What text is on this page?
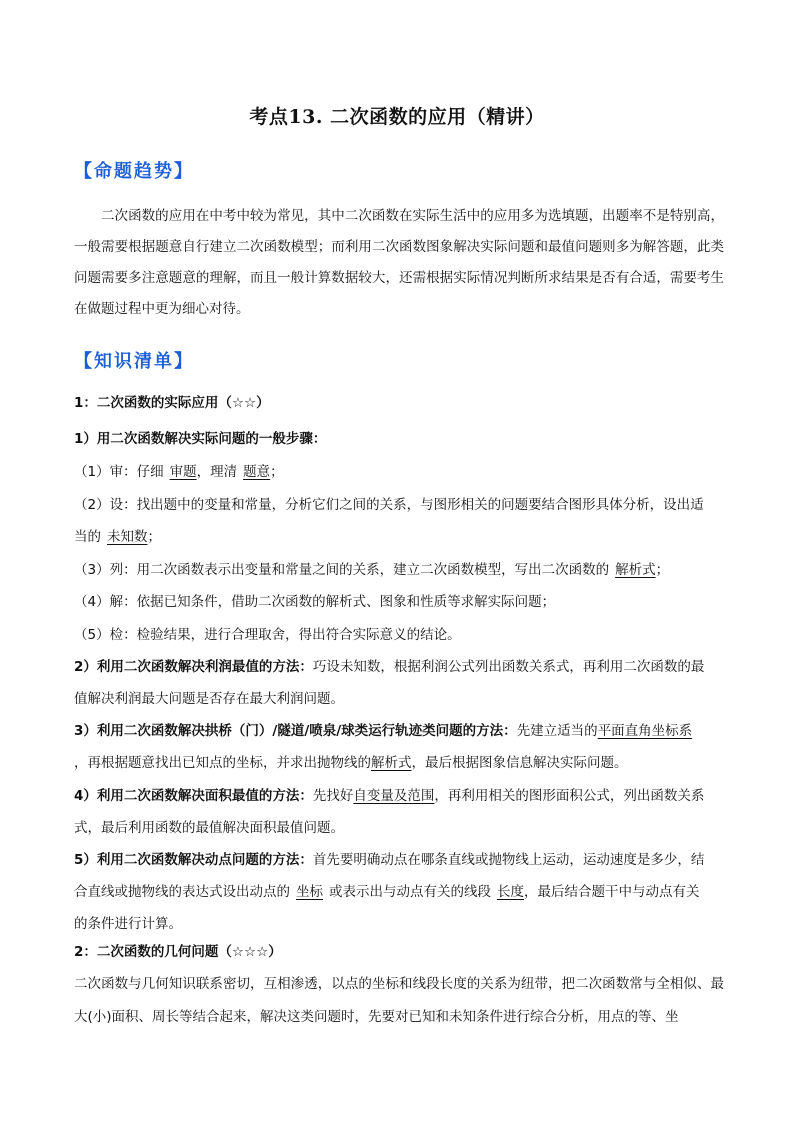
考点13. 二次函数的应用（精讲）
【命题趋势】
二次函数的应用在中考中较为常见，其中二次函数在实际生活中的应用多为选填题，出题率不是特别高，一般需要根据题意自行建立二次函数模型；而利用二次函数图象解决实际问题和最值问题则多为解答题，此类问题需要多注意题意的理解，而且一般计算数据较大，还需根据实际情况判断所求结果是否有合适，需要考生在做题过程中更为细心对待。
【知识清单】
1：二次函数的实际应用（☆☆）
1）用二次函数解决实际问题的一般步骤：
（1）审：仔细 审题，理清 题意；
（2）设：找出题中的变量和常量，分析它们之间的关系，与图形相关的问题要结合图形具体分析，设出适
当的 未知数；
（3）列：用二次函数表示出变量和常量之间的关系，建立二次函数模型，写出二次函数的 解析式；
（4）解：依据已知条件，借助二次函数的解析式、图象和性质等求解实际问题；
（5）检：检验结果，进行合理取舍，得出符合实际意义的结论。
2）利用二次函数解决利润最值的方法：巧设未知数，根据利润公式列出函数关系式，再利用二次函数的最
值解决利润最大问题是否存在最大利润问题。
3）利用二次函数解决拱桥（门）/隧道/喷泉/球类运行轨迹类问题的方法：先建立适当的平面直角坐标系
，再根据题意找出已知点的坐标，并求出抛物线的解析式，最后根据图象信息解决实际问题。
4）利用二次函数解决面积最值的方法：先找好自变量及范围，再利用相关的图形面积公式，列出函数关系
式，最后利用函数的最值解决面积最值问题。
5）利用二次函数解决动点问题的方法：首先要明确动点在哪条直线或抛物线上运动，运动速度是多少，结
合直线或抛物线的表达式设出动点的 坐标 或表示出与动点有关的线段 长度，最后结合题干中与动点有关
的条件进行计算。
2：二次函数的几何问题（☆☆☆）
二次函数与几何知识联系密切，互相渗透，以点的坐标和线段长度的关系为纽带，把二次函数常与全相似、最大(小)面积、周长等结合起来，解决这类问题时，先要对已知和未知条件进行综合分析，用点的等、坐
